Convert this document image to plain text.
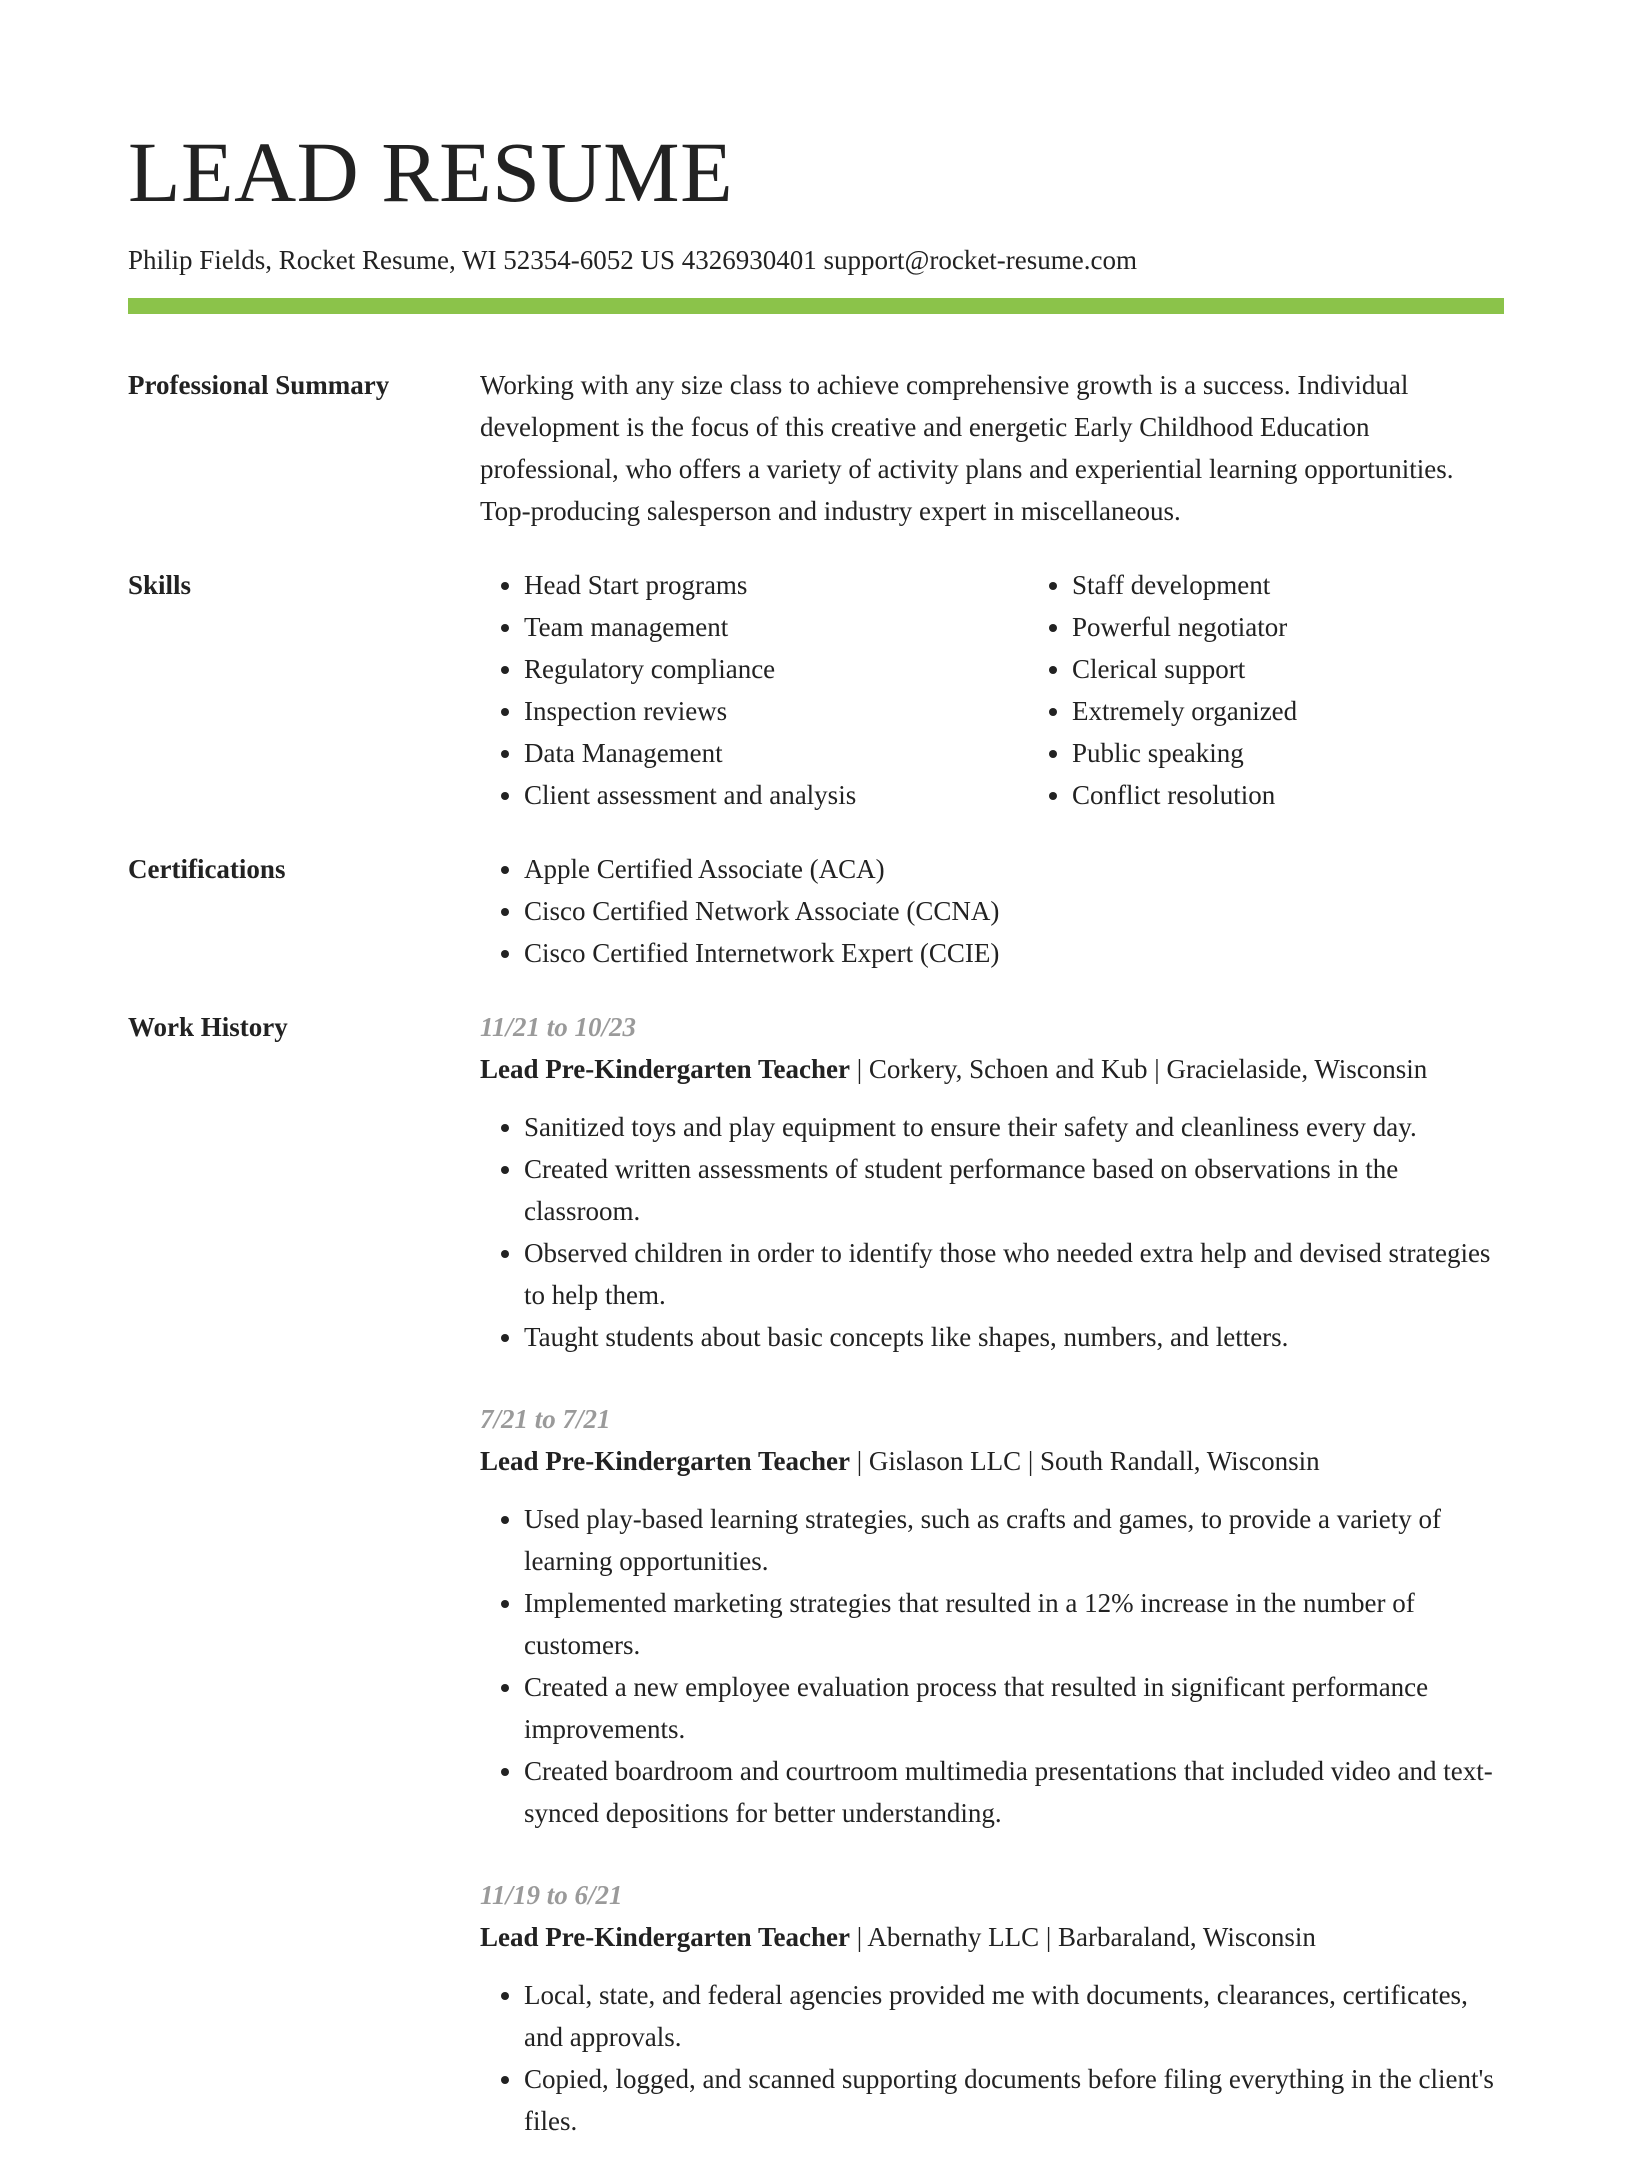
LEAD RESUME
Philip Fields, Rocket Resume, WI 52354-6052 US 4326930401 support@rocket-resume.com
Professional Summary	Working with any size class to achieve comprehensive growth is a success. Individual development is the focus of this creative and energetic Early Childhood Education professional, who offers a variety of activity plans and experiential learning opportunities. Top-producing salesperson and industry expert in miscellaneous.
Skills	• Head Start programs
• Team management
• Regulatory compliance
• Inspection reviews
• Data Management
• Client assessment and analysis
• Staff development
• Powerful negotiator
• Clerical support
• Extremely organized
• Public speaking
• Conflict resolution
Certifications	• Apple Certified Associate (ACA)
• Cisco Certified Network Associate (CCNA)
• Cisco Certified Internetwork Expert (CCIE)
Work History	11/21 to 10/23
Lead Pre-Kindergarten Teacher | Corkery, Schoen and Kub | Gracielaside, Wisconsin
• Sanitized toys and play equipment to ensure their safety and cleanliness every day.
• Created written assessments of student performance based on observations in the classroom.
• Observed children in order to identify those who needed extra help and devised strategies to help them.
• Taught students about basic concepts like shapes, numbers, and letters.
7/21 to 7/21
Lead Pre-Kindergarten Teacher | Gislason LLC | South Randall, Wisconsin
• Used play-based learning strategies, such as crafts and games, to provide a variety of learning opportunities.
• Implemented marketing strategies that resulted in a 12% increase in the number of customers.
• Created a new employee evaluation process that resulted in significant performance improvements.
• Created boardroom and courtroom multimedia presentations that included video and text-synced depositions for better understanding.
11/19 to 6/21
Lead Pre-Kindergarten Teacher | Abernathy LLC | Barbaraland, Wisconsin
• Local, state, and federal agencies provided me with documents, clearances, certificates, and approvals.
• Copied, logged, and scanned supporting documents before filing everything in the client's files.
